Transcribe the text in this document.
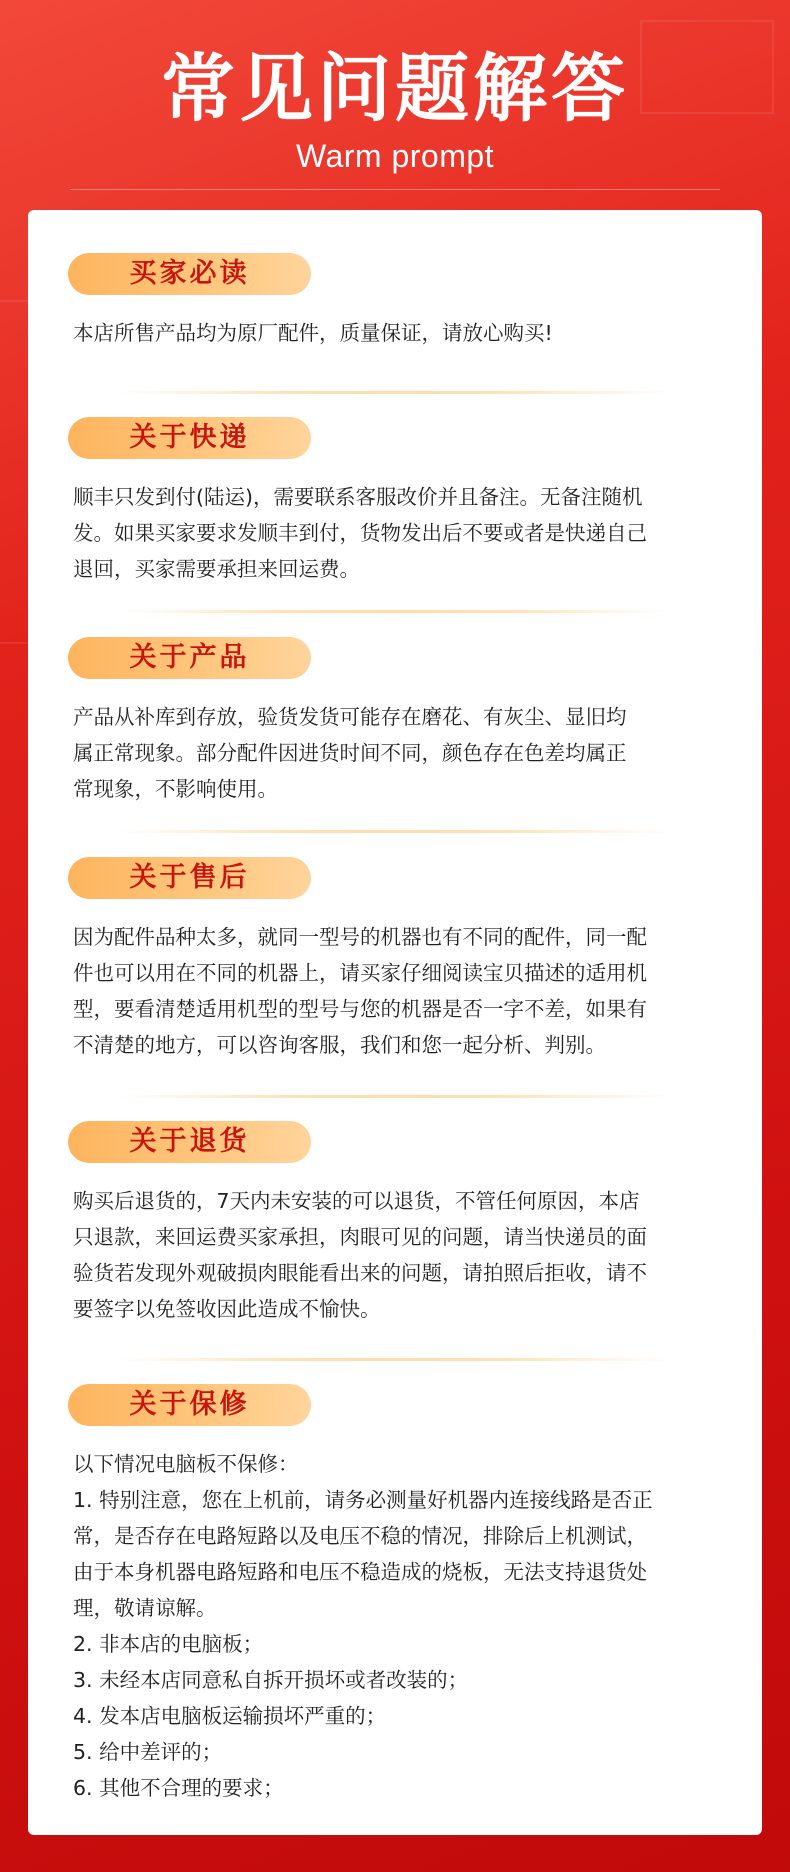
常见问题解答
Warm prompt
买家必读

本店所售产品均为原厂配件，质量保证，请放心购买!

关于快递

顺丰只发到付(陆运)，需要联系客服改价并且备注。无备注随机

发。如果买家要求发顺丰到付，货物发出后不要或者是快递自己

退回，买家需要承担来回运费。

关于产品

产品从补库到存放，验货发货可能存在磨花、有灰尘、显旧均

属正常现象。部分配件因进货时间不同，颜色存在色差均属正

常现象，不影响使用。

关于售后

因为配件品种太多，就同一型号的机器也有不同的配件，同一配

件也可以用在不同的机器上，请买家仔细阅读宝贝描述的适用机

型，要看清楚适用机型的型号与您的机器是否一字不差，如果有

不清楚的地方，可以咨询客服，我们和您一起分析、判别。

关于退货

购买后退货的，7天内未安装的可以退货，不管任何原因，本店

只退款，来回运费买家承担，肉眼可见的问题，请当快递员的面

验货若发现外观破损肉眼能看出来的问题，请拍照后拒收，请不

要签字以免签收因此造成不愉快。

关于保修

以下情况电脑板不保修：

1. 特别注意，您在上机前，请务必测量好机器内连接线路是否正

常，是否存在电路短路以及电压不稳的情况，排除后上机测试，

由于本身机器电路短路和电压不稳造成的烧板，无法支持退货处

理，敬请谅解。

2. 非本店的电脑板；

3. 未经本店同意私自拆开损坏或者改装的；

4. 发本店电脑板运输损坏严重的；

5. 给中差评的；

6. 其他不合理的要求；
